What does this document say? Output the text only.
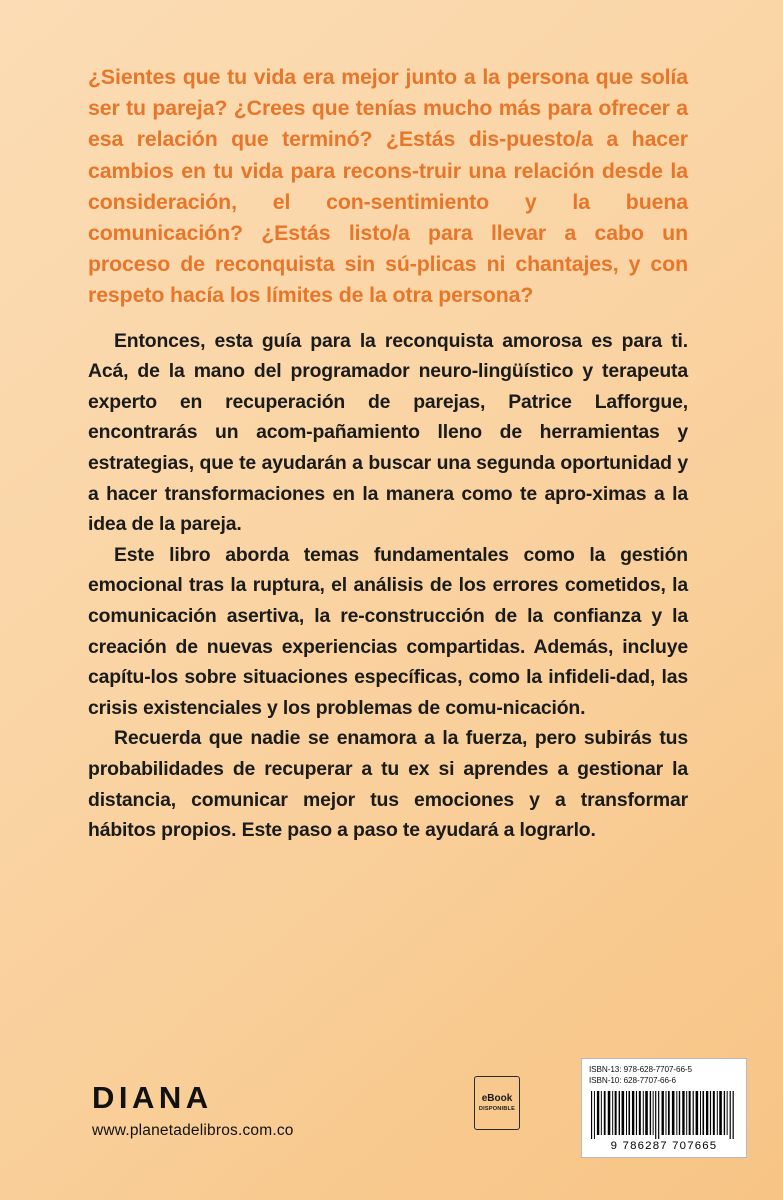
¿Sientes que tu vida era mejor junto a la persona que solía ser tu pareja? ¿Crees que tenías mucho más para ofrecer a esa relación que terminó? ¿Estás dis-puesto/a a hacer cambios en tu vida para recons-truir una relación desde la consideración, el con-sentimiento y la buena comunicación? ¿Estás listo/a para llevar a cabo un proceso de reconquista sin sú-plicas ni chantajes, y con respeto hacía los límites de la otra persona?

Entonces, esta guía para la reconquista amorosa es para ti. Acá, de la mano del programador neuro-lingüístico y terapeuta experto en recuperación de parejas, Patrice Lafforgue, encontrarás un acom-pañamiento lleno de herramientas y estrategias, que te ayudarán a buscar una segunda oportunidad y a hacer transformaciones en la manera como te apro-ximas a la idea de la pareja.

Este libro aborda temas fundamentales como la gestión emocional tras la ruptura, el análisis de los errores cometidos, la comunicación asertiva, la re-construcción de la confianza y la creación de nuevas experiencias compartidas. Además, incluye capítu-los sobre situaciones específicas, como la infideli-dad, las crisis existenciales y los problemas de comu-nicación.

Recuerda que nadie se enamora a la fuerza, pero subirás tus probabilidades de recuperar a tu ex si aprendes a gestionar la distancia, comunicar mejor tus emociones y a transformar hábitos propios. Este paso a paso te ayudará a lograrlo.

DIANA
www.planetadelibros.com.co
eBook
DISPONIBLE
ISBN-13: 978-628-7707-66-5
ISBN-10: 628-7707-66-6
9 786287 707665
